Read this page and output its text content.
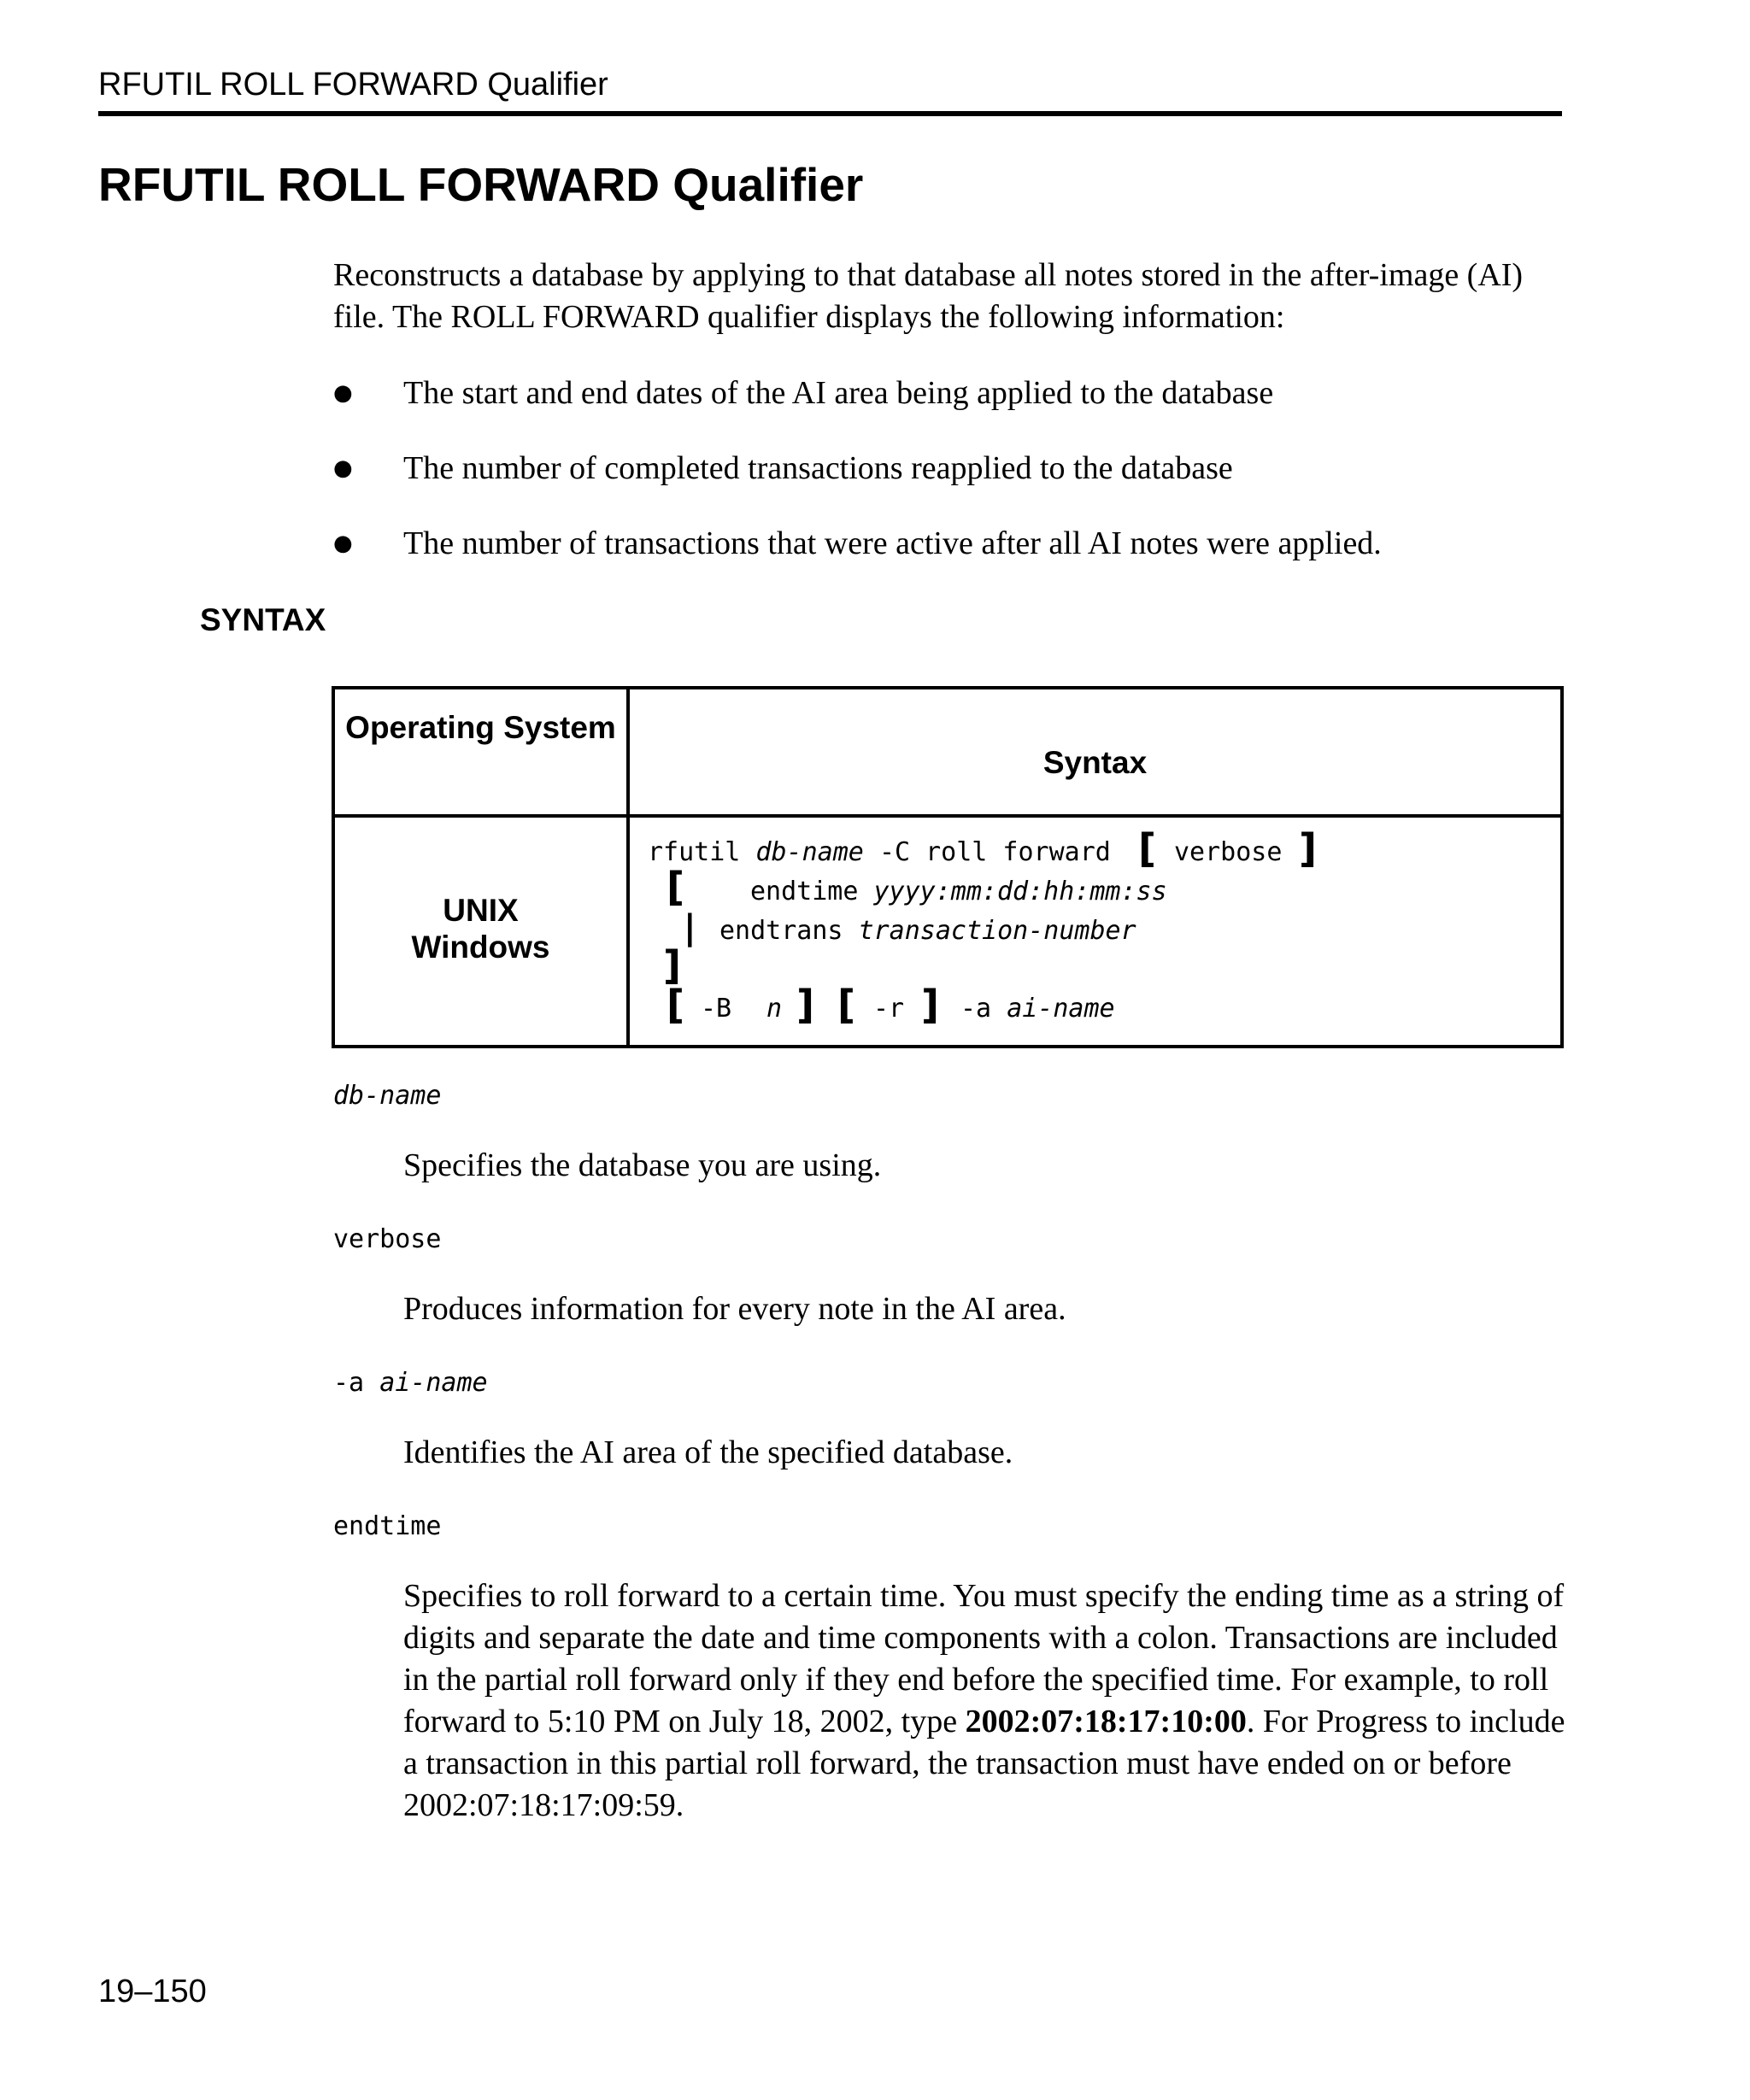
RFUTIL ROLL FORWARD Qualifier
RFUTIL ROLL FORWARD Qualifier

Reconstructs a database by applying to that database all notes stored in the after-image (AI) file. The ROLL FORWARD qualifier displays the following information:

● The start and end dates of the AI area being applied to the database
● The number of completed transactions reapplied to the database
● The number of transactions that were active after all AI notes were applied.
SYNTAX
Operating System
Syntax
UNIX
Windows
rfutil db-name -C roll forward [ verbose ]
[	endtime yyyy:mm:dd:hh:mm:ss
| endtrans transaction-number
]
[ -B n ] [ -r ] -a ai-name
db-name

Specifies the database you are using.

verbose

Produces information for every note in the AI area.

-a ai-name

Identifies the AI area of the specified database.

endtime

Specifies to roll forward to a certain time. You must specify the ending time as a string of digits and separate the date and time components with a colon. Transactions are included in the partial roll forward only if they end before the specified time. For example, to roll forward to 5:10 PM on July 18, 2002, type 2002:07:18:17:10:00. For Progress to include a transaction in this partial roll forward, the transaction must have ended on or before 2002:07:18:17:09:59.

19–150
